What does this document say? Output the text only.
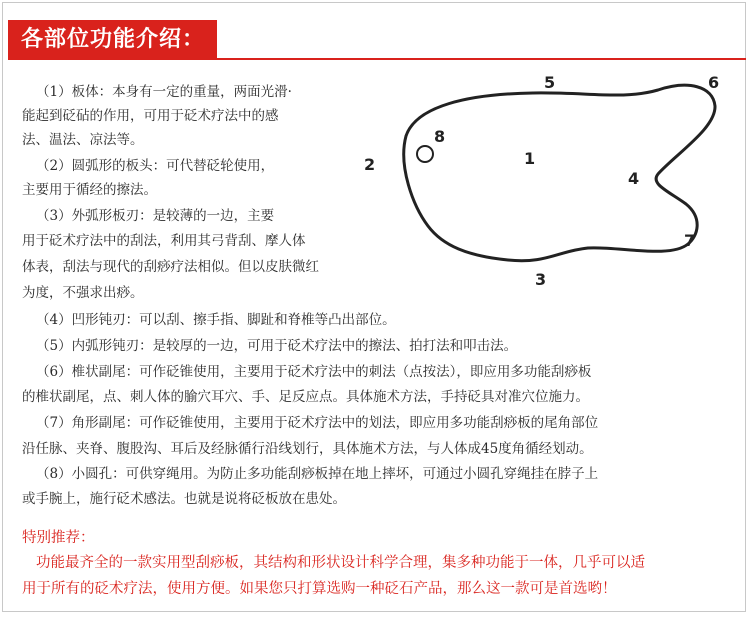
各部位功能介绍：
（1）板体：本身有一定的重量，两面光滑·
能起到砭砧的作用，可用于砭术疗法中的感
法、温法、凉法等。
（2）圆弧形的板头：可代替砭轮使用，
主要用于循经的擦法。
（3）外弧形板刃：是较薄的一边，主要
用于砭术疗法中的刮法，利用其弓背刮、摩人体
体表，刮法与现代的刮痧疗法相似。但以皮肤微红
为度，不强求出痧。
（4）凹形钝刃：可以刮、擦手指、脚趾和脊椎等凸出部位。
（5）内弧形钝刃：是较厚的一边，可用于砭术疗法中的擦法、拍打法和叩击法。
（6）椎状副尾：可作砭锥使用，主要用于砭术疗法中的刺法（点按法），即应用多功能刮痧板
的椎状副尾，点、刺人体的腧穴耳穴、手、足反应点。具体施术方法，手持砭具对准穴位施力。
（7）角形副尾：可作砭锥使用，主要用于砭术疗法中的划法，即应用多功能刮痧板的尾角部位
沿任脉、夹脊、腹股沟、耳后及经脉循行沿线划行，具体施术方法，与人体成45度角循经划动。
（8）小圆孔：可供穿绳用。为防止多功能刮痧板掉在地上摔坏，可通过小圆孔穿绳挂在脖子上
或手腕上，施行砭术感法。也就是说将砭板放在患处。
1
2
3
4
5	6
7
8
特别推荐：
功能最齐全的一款实用型刮痧板，其结构和形状设计科学合理，集多种功能于一体，几乎可以适
用于所有的砭术疗法，使用方便。如果您只打算选购一种砭石产品，那么这一款可是首选哟！
